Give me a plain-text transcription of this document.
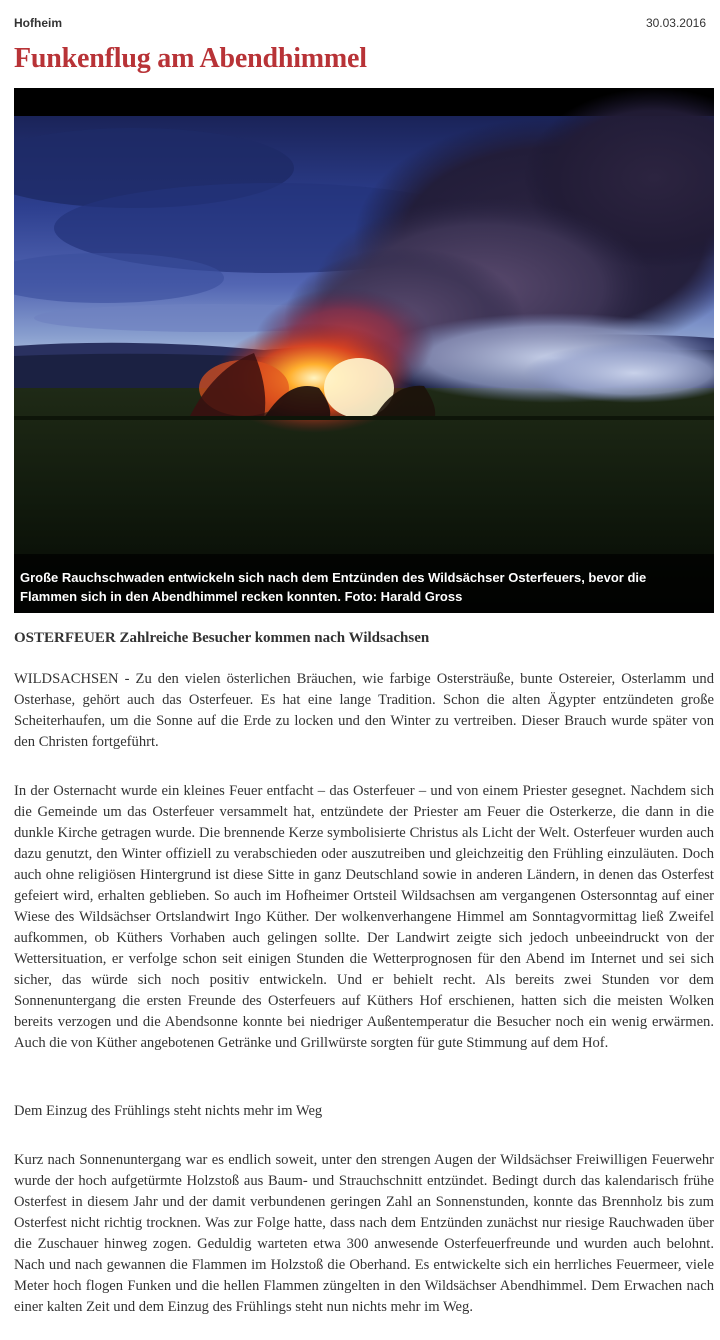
Hofheim	30.03.2016
Funkenflug am Abendhimmel
Große Rauchschwaden entwickeln sich nach dem Entzünden des Wildsächser Osterfeuers, bevor die Flammen sich in den Abendhimmel recken konnten. Foto: Harald Gross
OSTERFEUER Zahlreiche Besucher kommen nach Wildsachsen

WILDSACHSEN - Zu den vielen österlichen Bräuchen, wie farbige Ostersträuße, bunte Ostereier, Osterlamm und Osterhase, gehört auch das Osterfeuer. Es hat eine lange Tradition. Schon die alten Ägypter entzündeten große Scheiterhaufen, um die Sonne auf die Erde zu locken und den Winter zu vertreiben. Dieser Brauch wurde später von den Christen fortgeführt.

In der Osternacht wurde ein kleines Feuer entfacht – das Osterfeuer – und von einem Priester gesegnet. Nachdem sich die Gemeinde um das Osterfeuer versammelt hat, entzündete der Priester am Feuer die Osterkerze, die dann in die dunkle Kirche getragen wurde. Die brennende Kerze symbolisierte Christus als Licht der Welt. Osterfeuer wurden auch dazu genutzt, den Winter offiziell zu verabschieden oder auszutreiben und gleichzeitig den Frühling einzuläuten. Doch auch ohne religiösen Hintergrund ist diese Sitte in ganz Deutschland sowie in anderen Ländern, in denen das Osterfest gefeiert wird, erhalten geblieben. So auch im Hofheimer Ortsteil Wildsachsen am vergangenen Ostersonntag auf einer Wiese des Wildsächser Ortslandwirt Ingo Küther. Der wolkenverhangene Himmel am Sonntagvormittag ließ Zweifel aufkommen, ob Küthers Vorhaben auch gelingen sollte. Der Landwirt zeigte sich jedoch unbeeindruckt von der Wettersituation, er verfolge schon seit einigen Stunden die Wetterprognosen für den Abend im Internet und sei sich sicher, das würde sich noch positiv entwickeln. Und er behielt recht. Als bereits zwei Stunden vor dem Sonnenuntergang die ersten Freunde des Osterfeuers auf Küthers Hof erschienen, hatten sich die meisten Wolken bereits verzogen und die Abendsonne konnte bei niedriger Außentemperatur die Besucher noch ein wenig erwärmen. Auch die von Küther angebotenen Getränke und Grillwürste sorgten für gute Stimmung auf dem Hof.

Dem Einzug des Frühlings steht nichts mehr im Weg

Kurz nach Sonnenuntergang war es endlich soweit, unter den strengen Augen der Wildsächser Freiwilligen Feuerwehr wurde der hoch aufgetürmte Holzstoß aus Baum- und Strauchschnitt entzündet. Bedingt durch das kalendarisch frühe Osterfest in diesem Jahr und der damit verbundenen geringen Zahl an Sonnenstunden, konnte das Brennholz bis zum Osterfest nicht richtig trocknen. Was zur Folge hatte, dass nach dem Entzünden zunächst nur riesige Rauchwaden über die Zuschauer hinweg zogen. Geduldig warteten etwa 300 anwesende Osterfeuerfreunde und wurden auch belohnt. Nach und nach gewannen die Flammen im Holzstoß die Oberhand. Es entwickelte sich ein herrliches Feuermeer, viele Meter hoch flogen Funken und die hellen Flammen züngelten in den Wildsächser Abendhimmel. Dem Erwachen nach einer kalten Zeit und dem Einzug des Frühlings steht nun nichts mehr im Weg.
